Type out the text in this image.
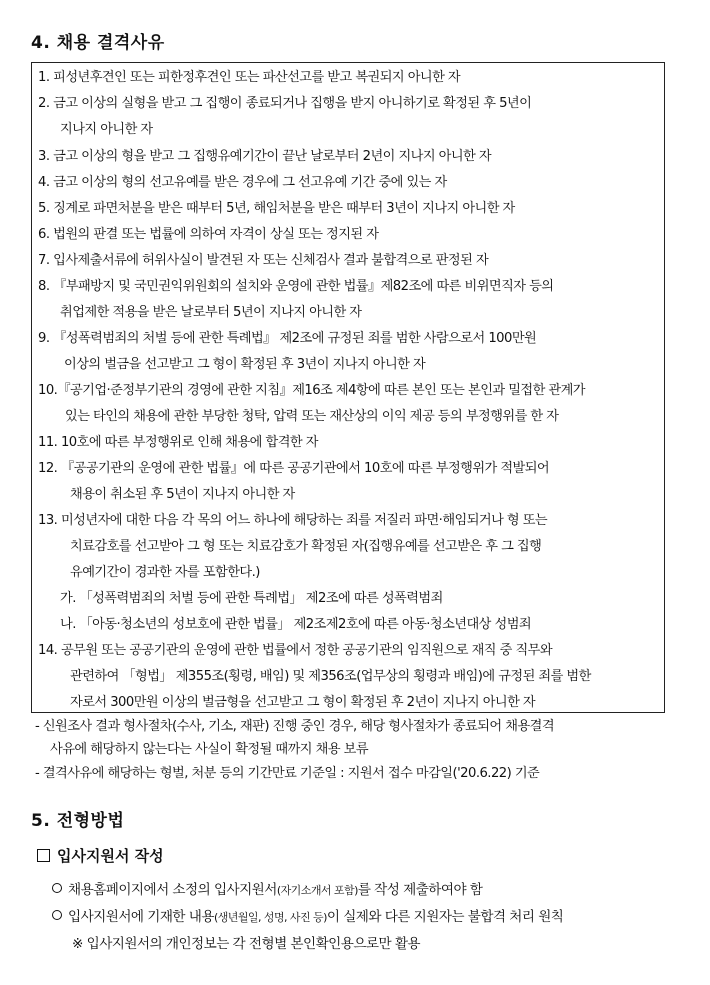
4. 채용 결격사유
1. 피성년후견인 또는 피한정후견인 또는 파산선고를 받고 복권되지 아니한 자
2. 금고 이상의 실형을 받고 그 집행이 종료되거나 집행을 받지 아니하기로 확정된 후 5년이
지나지 아니한 자
3. 금고 이상의 형을 받고 그 집행유예기간이 끝난 날로부터 2년이 지나지 아니한 자
4. 금고 이상의 형의 선고유예를 받은 경우에 그 선고유예 기간 중에 있는 자
5. 징계로 파면처분을 받은 때부터 5년, 해임처분을 받은 때부터 3년이 지나지 아니한 자
6. 법원의 판결 또는 법률에 의하여 자격이 상실 또는 정지된 자
7. 입사제출서류에 허위사실이 발견된 자 또는 신체검사 결과 불합격으로 판정된 자
8. 『부패방지 및 국민권익위원회의 설치와 운영에 관한 법률』제82조에 따른 비위면직자 등의
취업제한 적용을 받은 날로부터 5년이 지나지 아니한 자
9. 『성폭력범죄의 처벌 등에 관한 특례법』 제2조에 규정된 죄를 범한 사람으로서 100만원
이상의 벌금을 선고받고 그 형이 확정된 후 3년이 지나지 아니한 자
10.『공기업·준정부기관의 경영에 관한 지침』제16조 제4항에 따른 본인 또는 본인과 밀접한 관계가
있는 타인의 채용에 관한 부당한 청탁, 압력 또는 재산상의 이익 제공 등의 부정행위를 한 자
11. 10호에 따른 부정행위로 인해 채용에 합격한 자
12. 『공공기관의 운영에 관한 법률』에 따른 공공기관에서 10호에 따른 부정행위가 적발되어
채용이 취소된 후 5년이 지나지 아니한 자
13. 미성년자에 대한 다음 각 목의 어느 하나에 해당하는 죄를 저질러 파면·해임되거나 형 또는
치료감호를 선고받아 그 형 또는 치료감호가 확정된 자(집행유예를 선고받은 후 그 집행
유예기간이 경과한 자를 포함한다.)
가. 「성폭력범죄의 처벌 등에 관한 특례법」 제2조에 따른 성폭력범죄
나. 「아동·청소년의 성보호에 관한 법률」 제2조제2호에 따른 아동·청소년대상 성범죄
14. 공무원 또는 공공기관의 운영에 관한 법률에서 정한 공공기관의 임직원으로 재직 중 직무와
관련하여 「형법」 제355조(횡령, 배임) 및 제356조(업무상의 횡령과 배임)에 규정된 죄를 범한
자로서 300만원 이상의 벌금형을 선고받고 그 형이 확정된 후 2년이 지나지 아니한 자
- 신원조사 결과 형사절차(수사, 기소, 재판) 진행 중인 경우, 해당 형사절차가 종료되어 채용결격
사유에 해당하지 않는다는 사실이 확정될 때까지 채용 보류
- 결격사유에 해당하는 형벌, 처분 등의 기간만료 기준일 : 지원서 접수 마감일('20.6.22) 기준
5. 전형방법
입사지원서 작성
채용홈페이지에서 소정의 입사지원서(자기소개서 포함)를 작성 제출하여야 함
입사지원서에 기재한 내용(생년월일, 성명, 사진 등)이 실제와 다른 지원자는 불합격 처리 원칙
※ 입사지원서의 개인정보는 각 전형별 본인확인용으로만 활용
